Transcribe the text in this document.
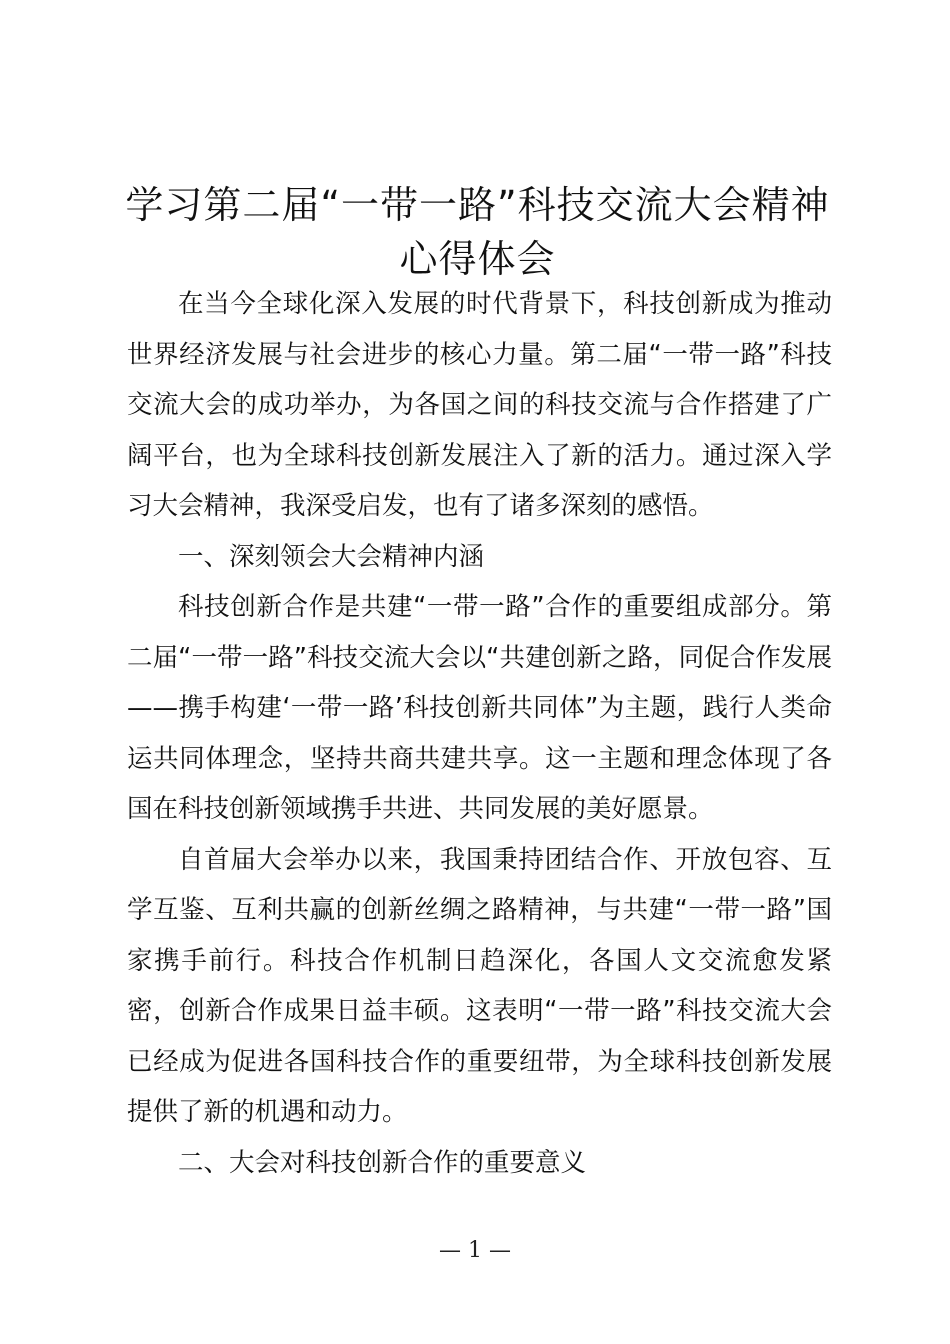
学习第二届“一带一路”科技交流大会精神心得体会

在当今全球化深入发展的时代背景下，科技创新成为推动世界经济发展与社会进步的核心力量。第二届“一带一路”科技交流大会的成功举办，为各国之间的科技交流与合作搭建了广阔平台，也为全球科技创新发展注入了新的活力。通过深入学习大会精神，我深受启发，也有了诸多深刻的感悟。

一、深刻领会大会精神内涵

科技创新合作是共建“一带一路”合作的重要组成部分。第二届“一带一路”科技交流大会以“共建创新之路，同促合作发展——携手构建‘一带一路’科技创新共同体”为主题，践行人类命运共同体理念，坚持共商共建共享。这一主题和理念体现了各国在科技创新领域携手共进、共同发展的美好愿景。

自首届大会举办以来，我国秉持团结合作、开放包容、互学互鉴、互利共赢的创新丝绸之路精神，与共建“一带一路”国家携手前行。科技合作机制日趋深化，各国人文交流愈发紧密，创新合作成果日益丰硕。这表明“一带一路”科技交流大会已经成为促进各国科技合作的重要纽带，为全球科技创新发展提供了新的机遇和动力。

二、大会对科技创新合作的重要意义

— 1 —
